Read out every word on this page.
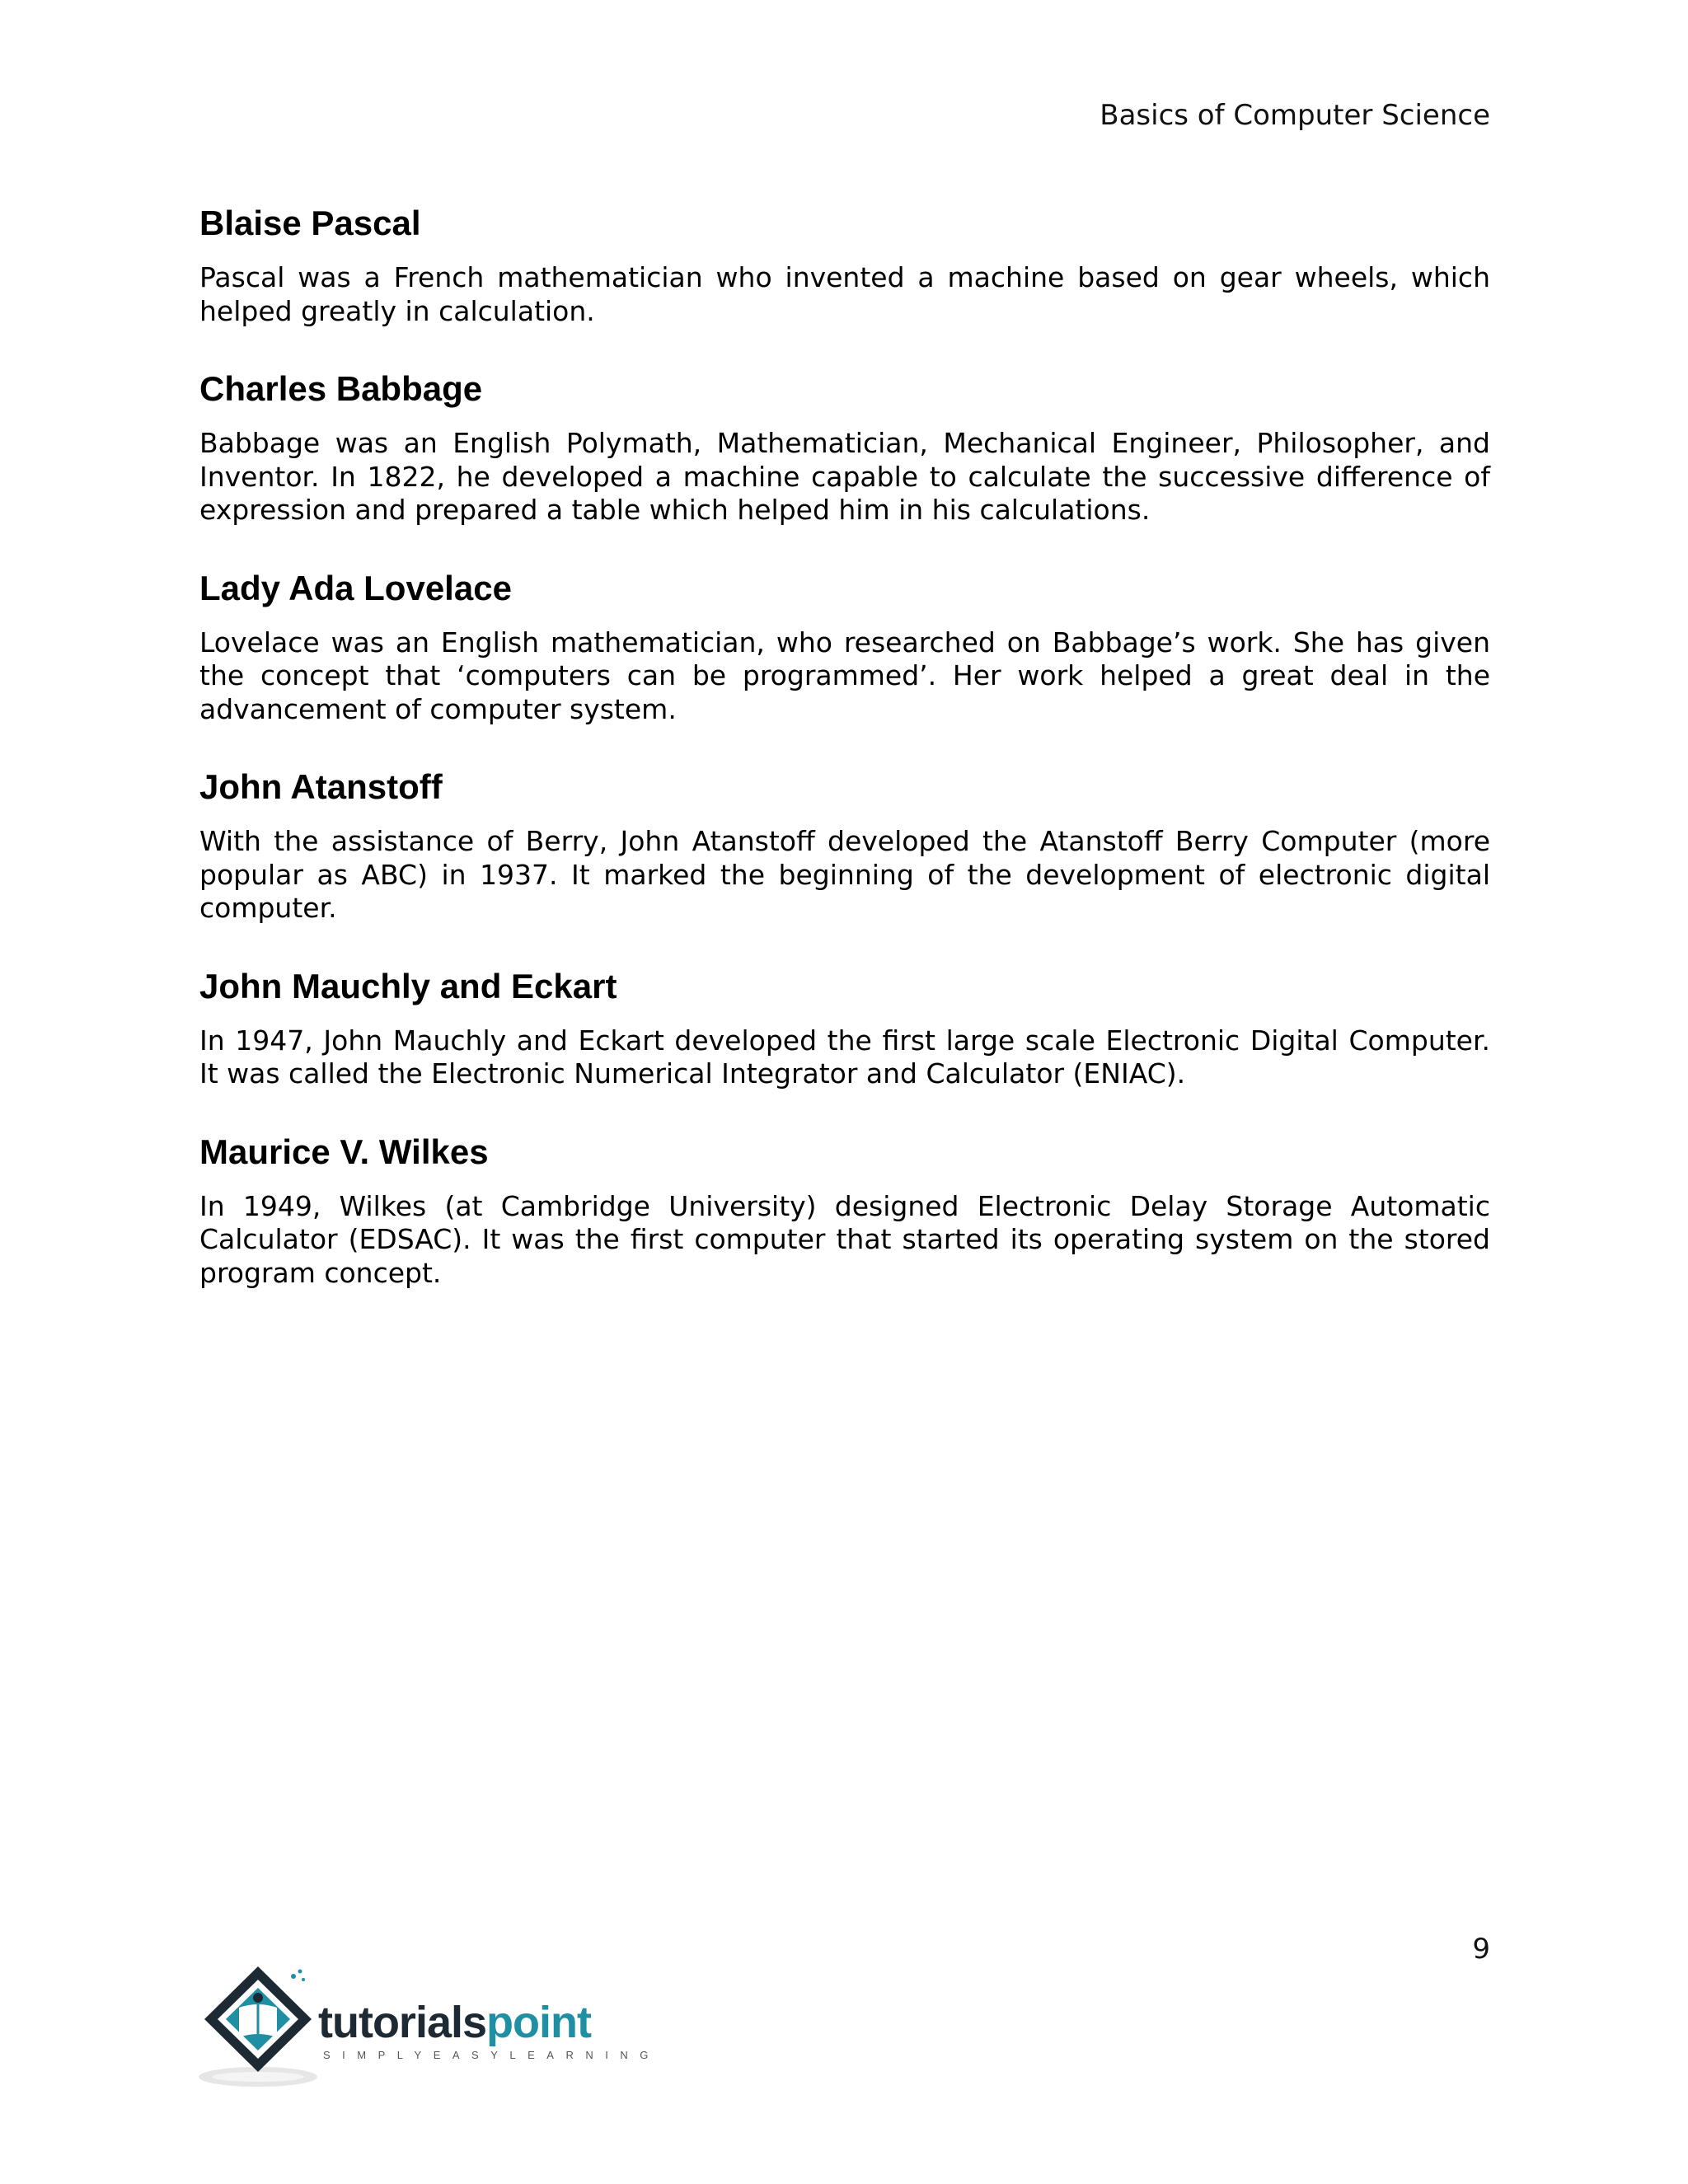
Basics of Computer Science
Blaise Pascal

Pascal was a French mathematician who invented a machine based on gear wheels, which helped greatly in calculation.

Charles Babbage

Babbage was an English Polymath, Mathematician, Mechanical Engineer, Philosopher, and Inventor. In 1822, he developed a machine capable to calculate the successive difference of expression and prepared a table which helped him in his calculations.

Lady Ada Lovelace

Lovelace was an English mathematician, who researched on Babbage’s work. She has given the concept that ‘computers can be programmed’. Her work helped a great deal in the advancement of computer system.

John Atanstoff

With the assistance of Berry, John Atanstoff developed the Atanstoff Berry Computer (more popular as ABC) in 1937. It marked the beginning of the development of electronic digital computer.

John Mauchly and Eckart

In 1947, John Mauchly and Eckart developed the first large scale Electronic Digital Computer. It was called the Electronic Numerical Integrator and Calculator (ENIAC).

Maurice V. Wilkes

In 1949, Wilkes (at Cambridge University) designed Electronic Delay Storage Automatic Calculator (EDSAC). It was the first computer that started its operating system on the stored program concept.

9
tutorialspoint
SIMPLYEASYLEARNING
